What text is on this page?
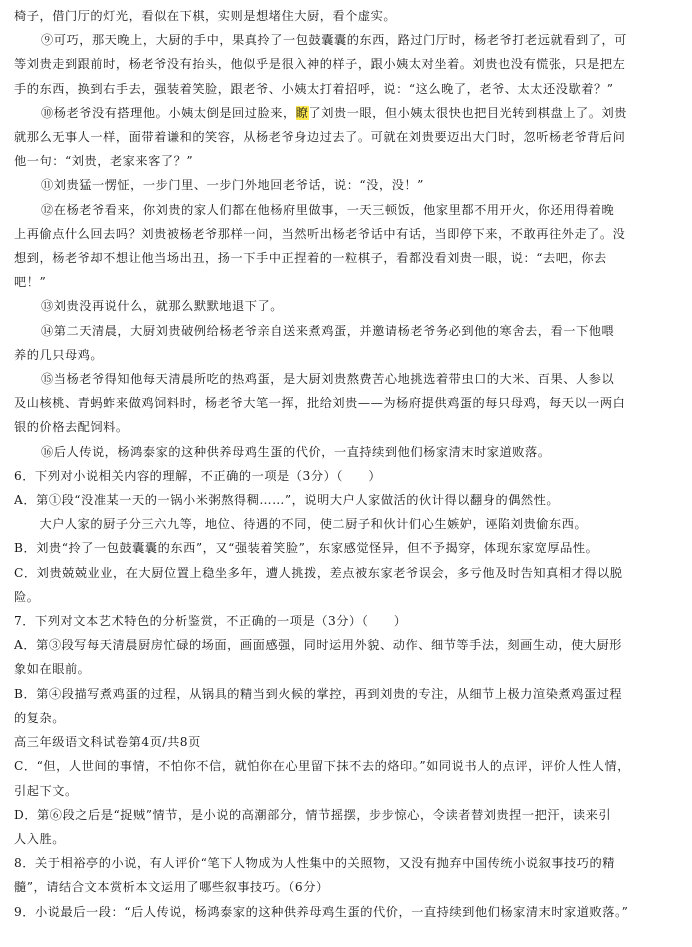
椅子，借门厅的灯光，看似在下棋，实则是想堵住大厨，看个虚实。
⑨可巧，那天晚上，大厨的手中，果真拎了一包鼓囊囊的东西，路过门厅时，杨老爷打老远就看到了，可
等刘贵走到跟前时，杨老爷没有抬头，他似乎是很入神的样子，跟小姨太对坐着。刘贵也没有慌张，只是把左
手的东西，换到右手去，强装着笑脸，跟老爷、小姨太打着招呼，说：“这么晚了，老爷、太太还没歇着？”
⑩杨老爷没有搭理他。小姨太倒是回过脸来，瞭了刘贵一眼，但小姨太很快也把目光转到棋盘上了。刘贵
就那么无事人一样，面带着谦和的笑容，从杨老爷身边过去了。可就在刘贵要迈出大门时，忽听杨老爷背后问
他一句：“刘贵，老家来客了？”
⑪刘贵猛一愣怔，一步门里、一步门外地回老爷话，说：“没，没！”
⑫在杨老爷看来，你刘贵的家人们都在他杨府里做事，一天三顿饭，他家里都不用开火，你还用得着晚
上再偷点什么回去吗？刘贵被杨老爷那样一问，当然听出杨老爷话中有话，当即停下来，不敢再往外走了。没
想到，杨老爷却不想让他当场出丑，扬一下手中正捏着的一粒棋子，看都没看刘贵一眼，说：“去吧，你去
吧！”
⑬刘贵没再说什么，就那么默默地退下了。
⑭第二天清晨，大厨刘贵破例给杨老爷亲自送来煮鸡蛋，并邀请杨老爷务必到他的寒舍去，看一下他喂
养的几只母鸡。
⑮当杨老爷得知他每天清晨所吃的热鸡蛋，是大厨刘贵熬费苦心地挑选着带虫口的大米、百果、人参以
及山核桃、青蚂蚱来做鸡饲料时，杨老爷大笔一挥，批给刘贵——为杨府提供鸡蛋的每只母鸡，每天以一两白
银的价格去配饲料。
⑯后人传说，杨鸿泰家的这种供养母鸡生蛋的代价，一直持续到他们杨家清末时家道败落。
6．下列对小说相关内容的理解，不正确的一项是（3分）（　　）
A．第①段“没准某一天的一锅小米粥熬得稠……”，说明大户人家做活的伙计得以翻身的偶然性。
　　大户人家的厨子分三六九等，地位、待遇的不同，使二厨子和伙计们心生嫉妒，诬陷刘贵偷东西。
B．刘贵“拎了一包鼓囊囊的东西”，又“强装着笑脸”，东家感觉怪异，但不予揭穿，体现东家宽厚品性。
C．刘贵兢兢业业，在大厨位置上稳坐多年，遭人挑拨，差点被东家老爷误会，多亏他及时告知真相才得以脱
险。
7．下列对文本艺术特色的分析鉴赏，不正确的一项是（3分）（　　）
A．第③段写每天清晨厨房忙碌的场面，画面感强，同时运用外貌、动作、细节等手法，刻画生动，使大厨形
象如在眼前。
B．第④段描写煮鸡蛋的过程，从锅具的精当到火候的掌控，再到刘贵的专注，从细节上极力渲染煮鸡蛋过程
的复杂。
高三年级语文科试卷第4页/共8页
C．“但，人世间的事情，不怕你不信，就怕你在心里留下抹不去的烙印。”如同说书人的点评，评价人性人情，
引起下文。
D．第⑥段之后是“捉贼”情节，是小说的高潮部分，情节摇摆，步步惊心，令读者替刘贵捏一把汗，读来引
人入胜。
8．关于相裕亭的小说，有人评价“笔下人物成为人性集中的关照物，又没有抛弃中国传统小说叙事技巧的精
髓”，请结合文本赏析本文运用了哪些叙事技巧。（6分）
9．小说最后一段：“后人传说，杨鸿泰家的这种供养母鸡生蛋的代价，一直持续到他们杨家清末时家道败落。”
